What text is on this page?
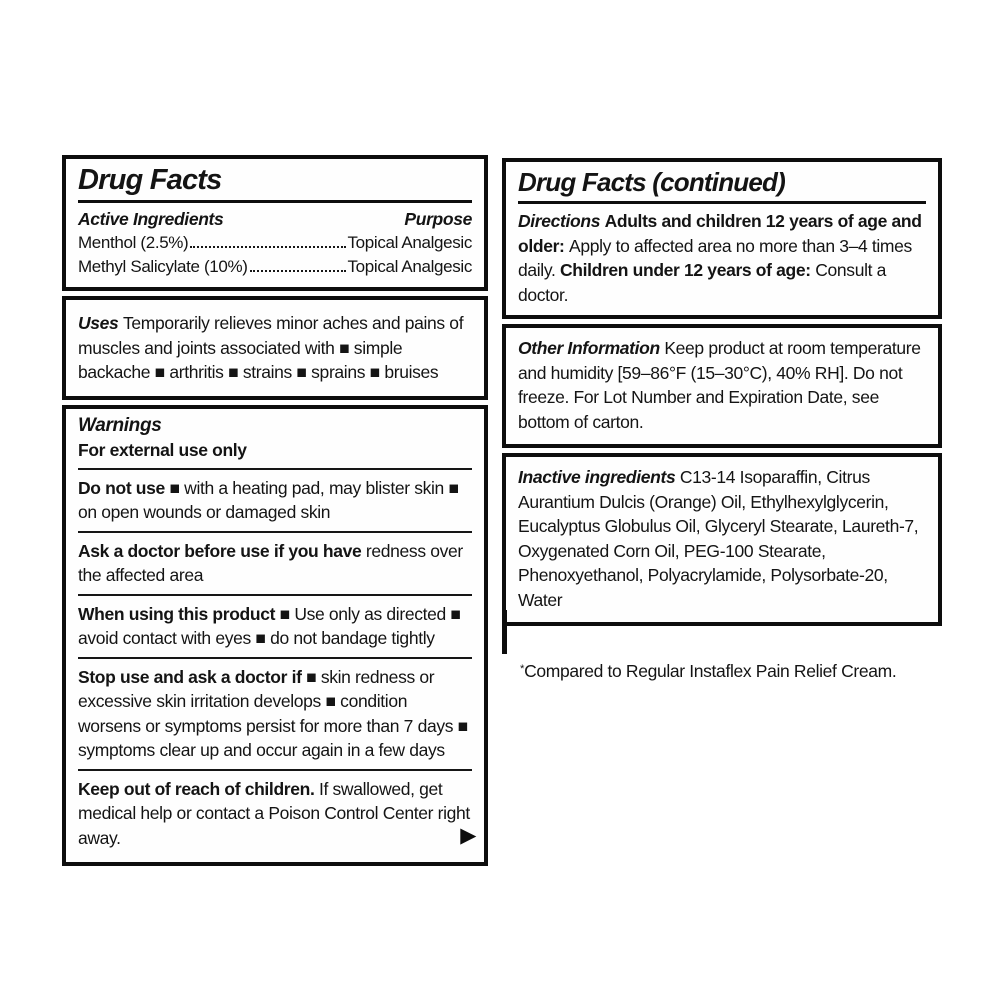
Drug Facts
Active Ingredients	Purpose
Menthol (2.5%)	Topical Analgesic
Methyl Salicylate (10%)	Topical Analgesic

Uses Temporarily relieves minor aches and pains of muscles and joints associated with ■ simple backache ■ arthritis ■ strains ■ sprains ■ bruises

Warnings

For external use only

Do not use ■ with a heating pad, may blister skin ■ on open wounds or damaged skin

Ask a doctor before use if you have redness over the affected area

When using this product ■ Use only as directed ■ avoid contact with eyes ■ do not bandage tightly

Stop use and ask a doctor if ■ skin redness or excessive skin irritation develops ■ condition worsens or symptoms persist for more than 7 days ■ symptoms clear up and occur again in a few days

Keep out of reach of children. If swallowed, get medical help or contact a Poison Control Center right away.	▶
Drug Facts (continued)

Directions Adults and children 12 years of age and older: Apply to affected area no more than 3–4 times daily. Children under 12 years of age: Consult a doctor.

Other Information Keep product at room temperature and humidity [59–86°F (15–30°C), 40% RH]. Do not freeze. For Lot Number and Expiration Date, see bottom of carton.

Inactive ingredients C13-14 Isoparaffin, Citrus Aurantium Dulcis (Orange) Oil, Ethylhexylglycerin, Eucalyptus Globulus Oil, Glyceryl Stearate, Laureth-7, Oxygenated Corn Oil, PEG-100 Stearate, Phenoxyethanol, Polyacrylamide, Polysorbate-20, Water

*Compared to Regular Instaflex Pain Relief Cream.
